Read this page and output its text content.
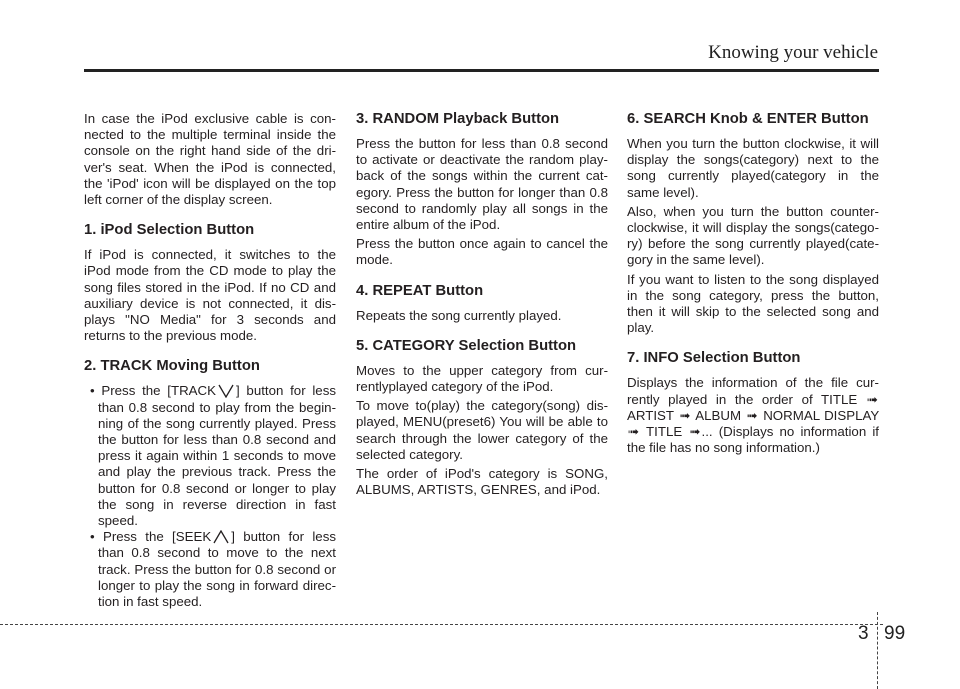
Knowing your vehicle

In case the iPod exclusive cable is con-nected to the multiple terminal inside the console on the right hand side of the dri-ver's seat. When the iPod is connected, the 'iPod' icon will be displayed on the top left corner of the display screen.

1. iPod Selection Button

If iPod is connected, it switches to the iPod mode from the CD mode to play the song files stored in the iPod. If no CD and auxiliary device is not connected, it dis-plays "NO Media" for 3 seconds and returns to the previous mode.

2. TRACK Moving Button
• Press the [TRACK ] button for less than 0.8 second to play from the begin-ning of the song currently played. Press the button for less than 0.8 second and press it again within 1 seconds to move and play the previous track. Press the button for 0.8 second or longer to play the song in reverse direction in fast speed.
• Press the [SEEK ] button for less than 0.8 second to move to the next track. Press the button for 0.8 second or longer to play the song in forward direc-tion in fast speed.
3. RANDOM Playback Button

Press the button for less than 0.8 second to activate or deactivate the random play-back of the songs within the current cat-egory. Press the button for longer than 0.8 second to randomly play all songs in the entire album of the iPod.

Press the button once again to cancel the mode.

4. REPEAT Button

Repeats the song currently played.

5. CATEGORY Selection Button

Moves to the upper category from cur-rentlyplayed category of the iPod.

To move to(play) the category(song) dis-played, MENU(preset6) You will be able to search through the lower category of the selected category.

The order of iPod's category is SONG, ALBUMS, ARTISTS, GENRES, and iPod.

6. SEARCH Knob & ENTER Button

When you turn the button clockwise, it will display the songs(category) next to the song currently played(category in the same level).

Also, when you turn the button counter-clockwise, it will display the songs(catego-ry) before the song currently played(cate-gory in the same level).

If you want to listen to the song displayed in the song category, press the button, then it will skip to the selected song and play.

7. INFO Selection Button

Displays the information of the file cur-rently played in the order of TITLE ➟ ARTIST ➟ ALBUM ➟ NORMAL DISPLAY ➟ TITLE ➟... (Displays no information if the file has no song information.)

3 99
